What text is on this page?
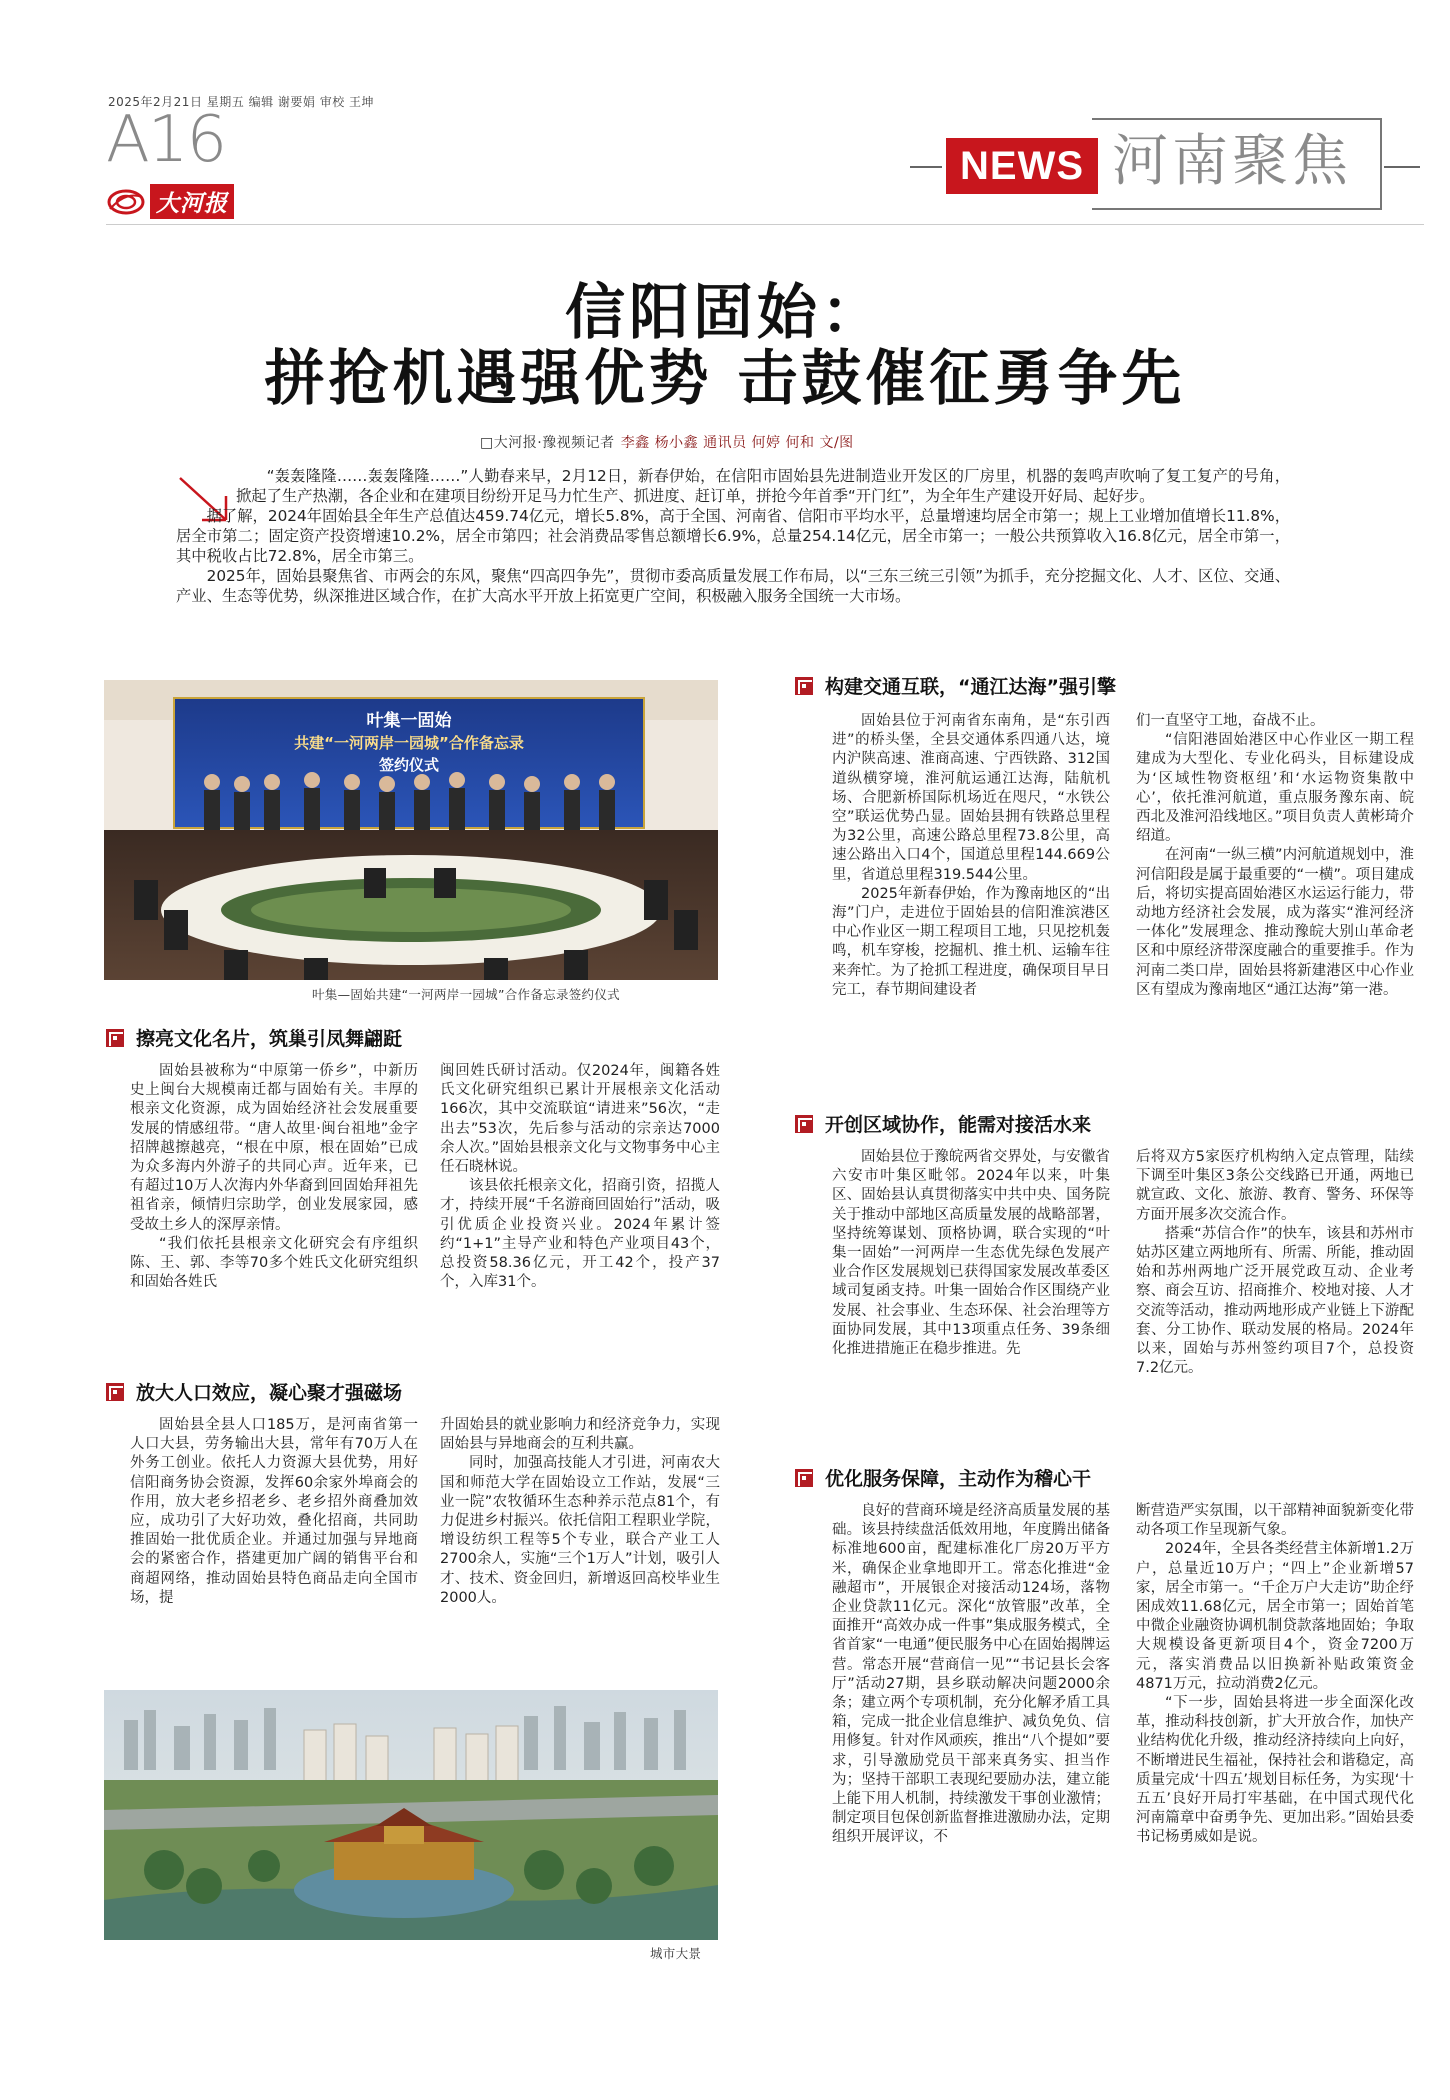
2025年2月21日 星期五 编辑 谢要娟 审校 王坤
A16
大河报
NEWS 河南聚焦
信阳固始：
拼抢机遇强优势 击鼓催征勇争先
□大河报·豫视频记者 李鑫 杨小鑫 通讯员 何婷 何和 文/图

“轰轰隆隆……轰轰隆隆……”人勤春来早，2月12日，新春伊始，在信阳市固始县先进制造业开发区的厂房里，机器的轰鸣声吹响了复工复产的号角，掀起了生产热潮，各企业和在建项目纷纷开足马力忙生产、抓进度、赶订单，拼抢今年首季“开门红”，为全年生产建设开好局、起好步。

据了解，2024年固始县全年生产总值达459.74亿元，增长5.8%，高于全国、河南省、信阳市平均水平，总量增速均居全市第一；规上工业增加值增长11.8%，居全市第二；固定资产投资增速10.2%，居全市第四；社会消费品零售总额增长6.9%，总量254.14亿元，居全市第一；一般公共预算收入16.8亿元，居全市第一，其中税收占比72.8%，居全市第三。

2025年，固始县聚焦省、市两会的东风，聚焦“四高四争先”，贯彻市委高质量发展工作布局，以“三东三统三引领”为抓手，充分挖掘文化、人才、区位、交通、产业、生态等优势，纵深推进区域合作，在扩大高水平开放上拓宽更广空间，积极融入服务全国统一大市场。

叶集一固始
共建“一河两岸一园城”合作备忘录
签约仪式
叶集—固始共建“一河两岸一园城”合作备忘录签约仪式
擦亮文化名片，筑巢引凤舞翩跹

固始县被称为“中原第一侨乡”，中新历史上闽台大规模南迁都与固始有关。丰厚的根亲文化资源，成为固始经济社会发展重要发展的情感纽带。“唐人故里·闽台祖地”金字招牌越擦越亮，“根在中原，根在固始”已成为众多海内外游子的共同心声。近年来，已有超过10万人次海内外华裔到回固始拜祖先祖省亲，倾情归宗助学，创业发展家园，感受故土乡人的深厚亲情。

“我们依托县根亲文化研究会有序组织陈、王、郭、李等70多个姓氏文化研究组织和固始各姓氏

闽回姓氏研讨活动。仅2024年，闽籍各姓氏文化研究组织已累计开展根亲文化活动166次，其中交流联谊“请进来”56次，“走出去”53次，先后参与活动的宗亲达7000余人次。”固始县根亲文化与文物事务中心主任石晓林说。

该县依托根亲文化，招商引资，招揽人才，持续开展“千名游商回固始行”活动，吸引优质企业投资兴业。2024年累计签约“1+1”主导产业和特色产业项目43个，总投资58.36亿元，开工42个，投产37个，入库31个。

放大人口效应，凝心聚才强磁场

固始县全县人口185万，是河南省第一人口大县，劳务输出大县，常年有70万人在外务工创业。依托人力资源大县优势，用好信阳商务协会资源，发挥60余家外埠商会的作用，放大老乡招老乡、老乡招外商叠加效应，成功引了大好功效，叠化招商，共同助推固始一批优质企业。并通过加强与异地商会的紧密合作，搭建更加广阔的销售平台和商超网络，推动固始县特色商品走向全国市场，提

升固始县的就业影响力和经济竞争力，实现固始县与异地商会的互利共赢。

同时，加强高技能人才引进，河南农大国和师范大学在固始设立工作站，发展“三业一院”农牧循环生态种养示范点81个，有力促进乡村振兴。依托信阳工程职业学院，增设纺织工程等5个专业，联合产业工人2700余人，实施“三个1万人”计划，吸引人才、技术、资金回归，新增返回高校毕业生2000人。

城市大景
构建交通互联，“通江达海”强引擎

固始县位于河南省东南角，是“东引西进”的桥头堡，全县交通体系四通八达，境内沪陕高速、淮商高速、宁西铁路、312国道纵横穿境，淮河航运通江达海，陆航机场、合肥新桥国际机场近在咫尺，“水铁公空”联运优势凸显。固始县拥有铁路总里程为32公里，高速公路总里程73.8公里，高速公路出入口4个，国道总里程144.669公里，省道总里程319.544公里。

2025年新春伊始，作为豫南地区的“出海”门户，走进位于固始县的信阳淮滨港区中心作业区一期工程项目工地，只见挖机轰鸣，机车穿梭，挖掘机、推土机、运输车往来奔忙。为了抢抓工程进度，确保项目早日完工，春节期间建设者

们一直坚守工地，奋战不止。

“信阳港固始港区中心作业区一期工程建成为大型化、专业化码头，目标建设成为‘区域性物资枢纽’和‘水运物资集散中心’，依托淮河航道，重点服务豫东南、皖西北及淮河沿线地区。”项目负责人黄彬琦介绍道。

在河南“一纵三横”内河航道规划中，淮河信阳段是属于最重要的“一横”。项目建成后，将切实提高固始港区水运运行能力，带动地方经济社会发展，成为落实“淮河经济一体化”发展理念、推动豫皖大别山革命老区和中原经济带深度融合的重要推手。作为河南二类口岸，固始县将新建港区中心作业区有望成为豫南地区“通江达海”第一港。

开创区域协作，能需对接活水来

固始县位于豫皖两省交界处，与安徽省六安市叶集区毗邻。2024年以来，叶集区、固始县认真贯彻落实中共中央、国务院关于推动中部地区高质量发展的战略部署，坚持统筹谋划、顶格协调，联合实现的“叶集一固始”一河两岸一生态优先绿色发展产业合作区发展规划已获得国家发展改革委区域司复函支持。叶集一固始合作区围绕产业发展、社会事业、生态环保、社会治理等方面协同发展，其中13项重点任务、39条细化推进措施正在稳步推进。先

后将双方5家医疗机构纳入定点管理，陆续下调至叶集区3条公交线路已开通，两地已就宣政、文化、旅游、教育、警务、环保等方面开展多次交流合作。

搭乘“苏信合作”的快车，该县和苏州市姑苏区建立两地所有、所需、所能，推动固始和苏州两地广泛开展党政互动、企业考察、商会互访、招商推介、校地对接、人才交流等活动，推动两地形成产业链上下游配套、分工协作、联动发展的格局。2024年以来，固始与苏州签约项目7个，总投资7.2亿元。

优化服务保障，主动作为稽心干

良好的营商环境是经济高质量发展的基础。该县持续盘活低效用地，年度腾出储备标准地600亩，配建标准化厂房20万平方米，确保企业拿地即开工。常态化推进“金融超市”，开展银企对接活动124场，落物企业贷款11亿元。深化“放管服”改革，全面推开“高效办成一件事”集成服务模式，全省首家“一电通”便民服务中心在固始揭牌运营。常态开展“营商信一见”“书记县长会客厅”活动27期，县乡联动解决问题2000余条；建立两个专项机制，充分化解矛盾工具箱，完成一批企业信息维护、减负免负、信用修复。针对作风顽疾，推出“八个提如”要求，引导激励党员干部来真务实、担当作为；坚持干部职工表现纪要励办法，建立能上能下用人机制，持续激发干事创业激情；制定项目包保创新监督推进激励办法，定期组织开展评议，不

断营造严实氛围，以干部精神面貌新变化带动各项工作呈现新气象。

2024年，全县各类经营主体新增1.2万户，总量近10万户；“四上”企业新增57家，居全市第一。“千企万户大走访”助企纾困成效11.68亿元，居全市第一；固始首笔中微企业融资协调机制贷款落地固始；争取大规模设备更新项目4个，资金7200万元，落实消费品以旧换新补贴政策资金4871万元，拉动消费2亿元。

“下一步，固始县将进一步全面深化改革，推动科技创新，扩大开放合作，加快产业结构优化升级，推动经济持续向上向好，不断增进民生福祉，保持社会和谐稳定，高质量完成‘十四五’规划目标任务，为实现‘十五五’良好开局打牢基础，在中国式现代化河南篇章中奋勇争先、更加出彩。”固始县委书记杨勇威如是说。
